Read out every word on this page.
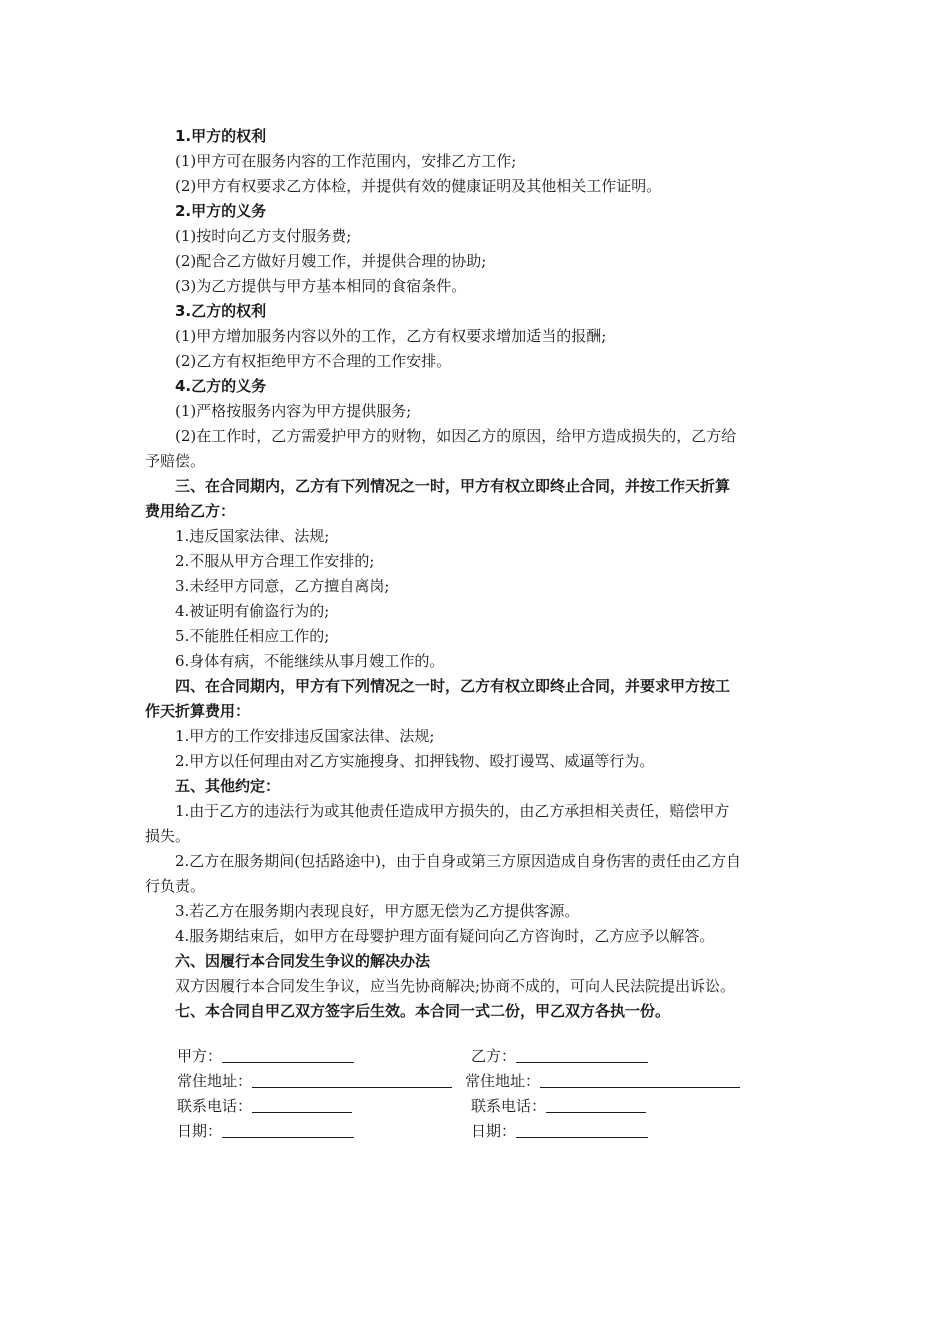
1.甲方的权利
(1)甲方可在服务内容的工作范围内，安排乙方工作;
(2)甲方有权要求乙方体检，并提供有效的健康证明及其他相关工作证明。
2.甲方的义务
(1)按时向乙方支付服务费;
(2)配合乙方做好月嫂工作，并提供合理的协助;
(3)为乙方提供与甲方基本相同的食宿条件。
3.乙方的权利
(1)甲方增加服务内容以外的工作，乙方有权要求增加适当的报酬;
(2)乙方有权拒绝甲方不合理的工作安排。
4.乙方的义务
(1)严格按服务内容为甲方提供服务;
(2)在工作时，乙方需爱护甲方的财物，如因乙方的原因，给甲方造成损失的，乙方给
予赔偿。
三、在合同期内，乙方有下列情况之一时，甲方有权立即终止合同，并按工作天折算
费用给乙方：
1.违反国家法律、法规;
2.不服从甲方合理工作安排的;
3.未经甲方同意，乙方擅自离岗;
4.被证明有偷盗行为的;
5.不能胜任相应工作的;
6.身体有病，不能继续从事月嫂工作的。
四、在合同期内，甲方有下列情况之一时，乙方有权立即终止合同，并要求甲方按工
作天折算费用：
1.甲方的工作安排违反国家法律、法规;
2.甲方以任何理由对乙方实施搜身、扣押钱物、殴打谩骂、威逼等行为。
五、其他约定：
1.由于乙方的违法行为或其他责任造成甲方损失的，由乙方承担相关责任，赔偿甲方
损失。
2.乙方在服务期间(包括路途中)，由于自身或第三方原因造成自身伤害的责任由乙方自
行负责。
3.若乙方在服务期内表现良好，甲方愿无偿为乙方提供客源。
4.服务期结束后，如甲方在母婴护理方面有疑问向乙方咨询时，乙方应予以解答。
六、因履行本合同发生争议的解决办法
双方因履行本合同发生争议，应当先协商解决;协商不成的，可向人民法院提出诉讼。
七、本合同自甲乙双方签字后生效。本合同一式二份，甲乙双方各执一份。
甲方：	乙方：
常住地址：	常住地址：
联系电话：	联系电话：
日期：	日期：
